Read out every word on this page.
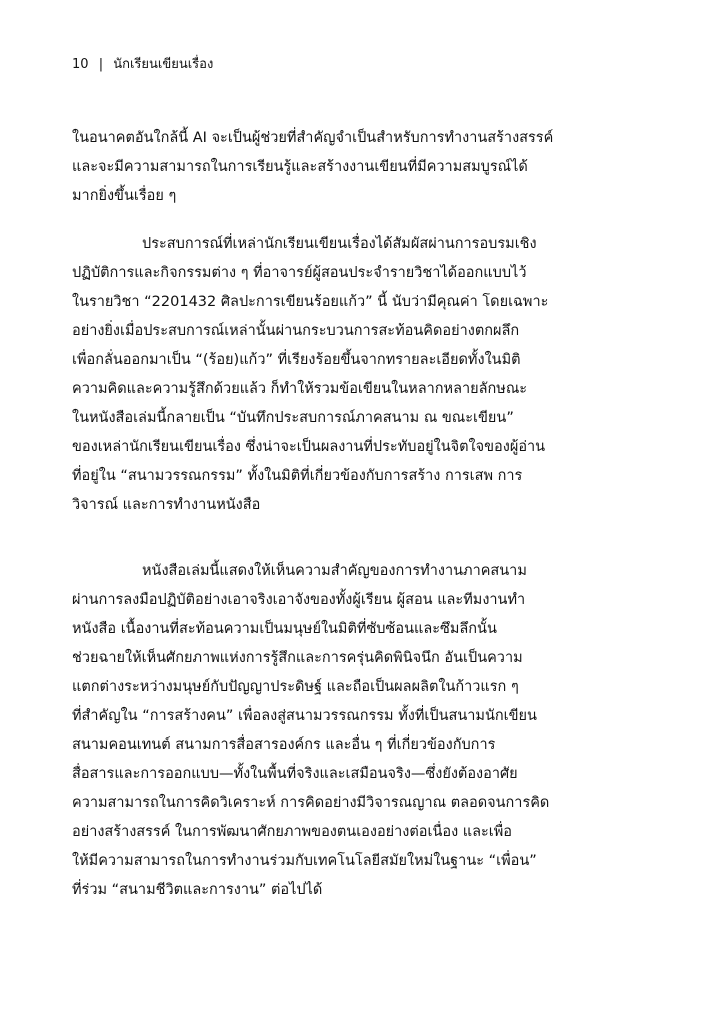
10 | นักเรียนเขียนเรื่อง
ในอนาคตอันใกล้นี้ AI จะเป็นผู้ช่วยที่สำคัญจำเป็นสำหรับการทำงานสร้างสรรค์
และจะมีความสามารถในการเรียนรู้และสร้างงานเขียนที่มีความสมบูรณ์ได้
มากยิ่งขึ้นเรื่อย ๆ
ประสบการณ์ที่เหล่านักเรียนเขียนเรื่องได้สัมผัสผ่านการอบรมเชิง
ปฏิบัติการและกิจกรรมต่าง ๆ ที่อาจารย์ผู้สอนประจำรายวิชาได้ออกแบบไว้
ในรายวิชา “2201432 ศิลปะการเขียนร้อยแก้ว” นี้ นับว่ามีคุณค่า โดยเฉพาะ
อย่างยิ่งเมื่อประสบการณ์เหล่านั้นผ่านกระบวนการสะท้อนคิดอย่างตกผลึก
เพื่อกลั่นออกมาเป็น “(ร้อย)แก้ว” ที่เรียงร้อยขึ้นจากทรายละเอียดทั้งในมิติ
ความคิดและความรู้สึกด้วยแล้ว ก็ทำให้รวมข้อเขียนในหลากหลายลักษณะ
ในหนังสือเล่มนี้กลายเป็น “บันทึกประสบการณ์ภาคสนาม ณ ขณะเขียน”
ของเหล่านักเรียนเขียนเรื่อง ซึ่งน่าจะเป็นผลงานที่ประทับอยู่ในจิตใจของผู้อ่าน
ที่อยู่ใน “สนามวรรณกรรม” ทั้งในมิติที่เกี่ยวข้องกับการสร้าง การเสพ การ
วิจารณ์ และการทำงานหนังสือ
หนังสือเล่มนี้แสดงให้เห็นความสำคัญของการทำงานภาคสนาม
ผ่านการลงมือปฏิบัติอย่างเอาจริงเอาจังของทั้งผู้เรียน ผู้สอน และทีมงานทำ
หนังสือ เนื้องานที่สะท้อนความเป็นมนุษย์ในมิติที่ซับซ้อนและซึมลึกนั้น
ช่วยฉายให้เห็นศักยภาพแห่งการรู้สึกและการครุ่นคิดพินิจนึก อันเป็นความ
แตกต่างระหว่างมนุษย์กับปัญญาประดิษฐ์ และถือเป็นผลผลิตในก้าวแรก ๆ
ที่สำคัญใน “การสร้างคน” เพื่อลงสู่สนามวรรณกรรม ทั้งที่เป็นสนามนักเขียน
สนามคอนเทนต์ สนามการสื่อสารองค์กร และอื่น ๆ ที่เกี่ยวข้องกับการ
สื่อสารและการออกแบบ—ทั้งในพื้นที่จริงและเสมือนจริง—ซึ่งยังต้องอาศัย
ความสามารถในการคิดวิเคราะห์ การคิดอย่างมีวิจารณญาณ ตลอดจนการคิด
อย่างสร้างสรรค์ ในการพัฒนาศักยภาพของตนเองอย่างต่อเนื่อง และเพื่อ
ให้มีความสามารถในการทำงานร่วมกับเทคโนโลยีสมัยใหม่ในฐานะ “เพื่อน”
ที่ร่วม “สนามชีวิตและการงาน” ต่อไปได้
